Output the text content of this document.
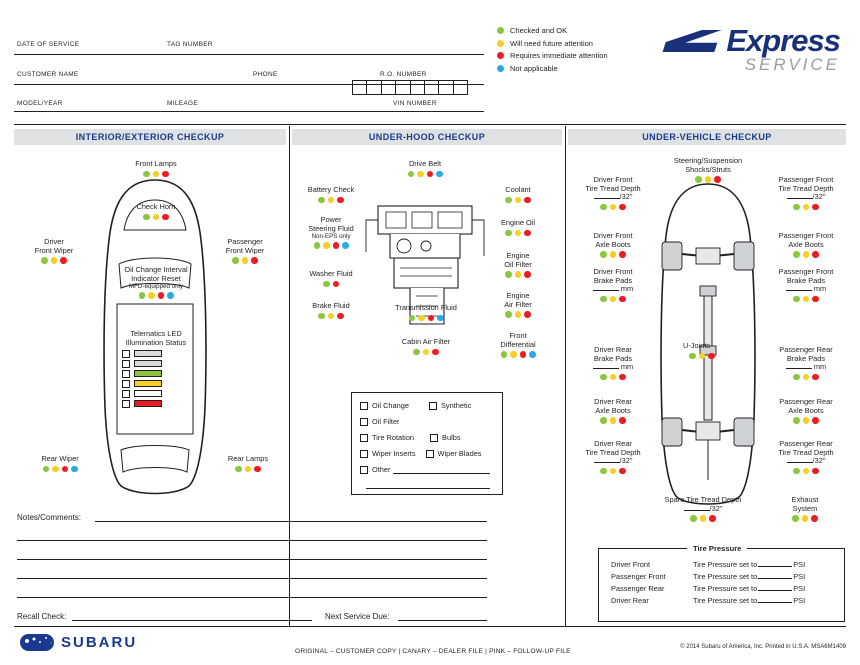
DATE OF SERVICE	TAG NUMBER
CUSTOMER NAME	PHONE	R.O. NUMBER
MODEL/YEAR	MILEAGE	VIN NUMBER
Checked and OK
Will need future attention
Requires immediate attention
Not applicable
Express
SERVICE
INTERIOR/EXTERIOR CHECKUP	UNDER-HOOD CHECKUP	UNDER-VEHICLE CHECKUP
Front Lamps
Check Horn
Driver
Front Wiper
Passenger
Front Wiper
Oil Change Interval
Indicator Reset
MFD-equipped only
Telematics LED
Illumination Status
Rear Wiper	Rear Lamps
Drive Belt
Battery Check
Power
Steering Fluid
Non-EPS only
Washer Fluid
Brake Fluid	Transmission Fluid
Cabin Air Filter
Coolant
Engine Oil
Engine
Oil Filter
Engine
Air Filter
Front
Differential
Oil Change	Synthetic
Oil Filter
Tire Rotation	Bulbs
Wiper Inserts	Wiper Blades
Other
Steering/Suspension
Shocks/Struts
Driver Front
Tire Tread Depth
/32"
Driver Front
Axle Boots
Driver Front
Brake Pads
mm
Driver Rear
Brake Pads
mm
Driver Rear
Axle Boots
Driver Rear
Tire Tread Depth
/32"
Passenger Front
Tire Tread Depth
/32"
Passenger Front
Axle Boots
Passenger Front
Brake Pads
mm
Passenger Rear
Brake Pads
mm
Passenger Rear
Axle Boots
Passenger Rear
Tire Tread Depth
/32"
U-Joints
Spare Tire Tread Depth
/32"
Exhaust
System
Tire Pressure
Driver Front	Tire Pressure set to	PSI
Passenger Front	Tire Pressure set to	PSI
Passenger Rear	Tire Pressure set to	PSI
Driver Rear	Tire Pressure set to	PSI
Notes/Comments:
Recall Check:	Next Service Due:
SUBARU
ORIGINAL – CUSTOMER COPY | CANARY – DEALER FILE | PINK – FOLLOW-UP FILE
© 2014 Subaru of America, Inc. Printed in U.S.A. MSA6M1409
